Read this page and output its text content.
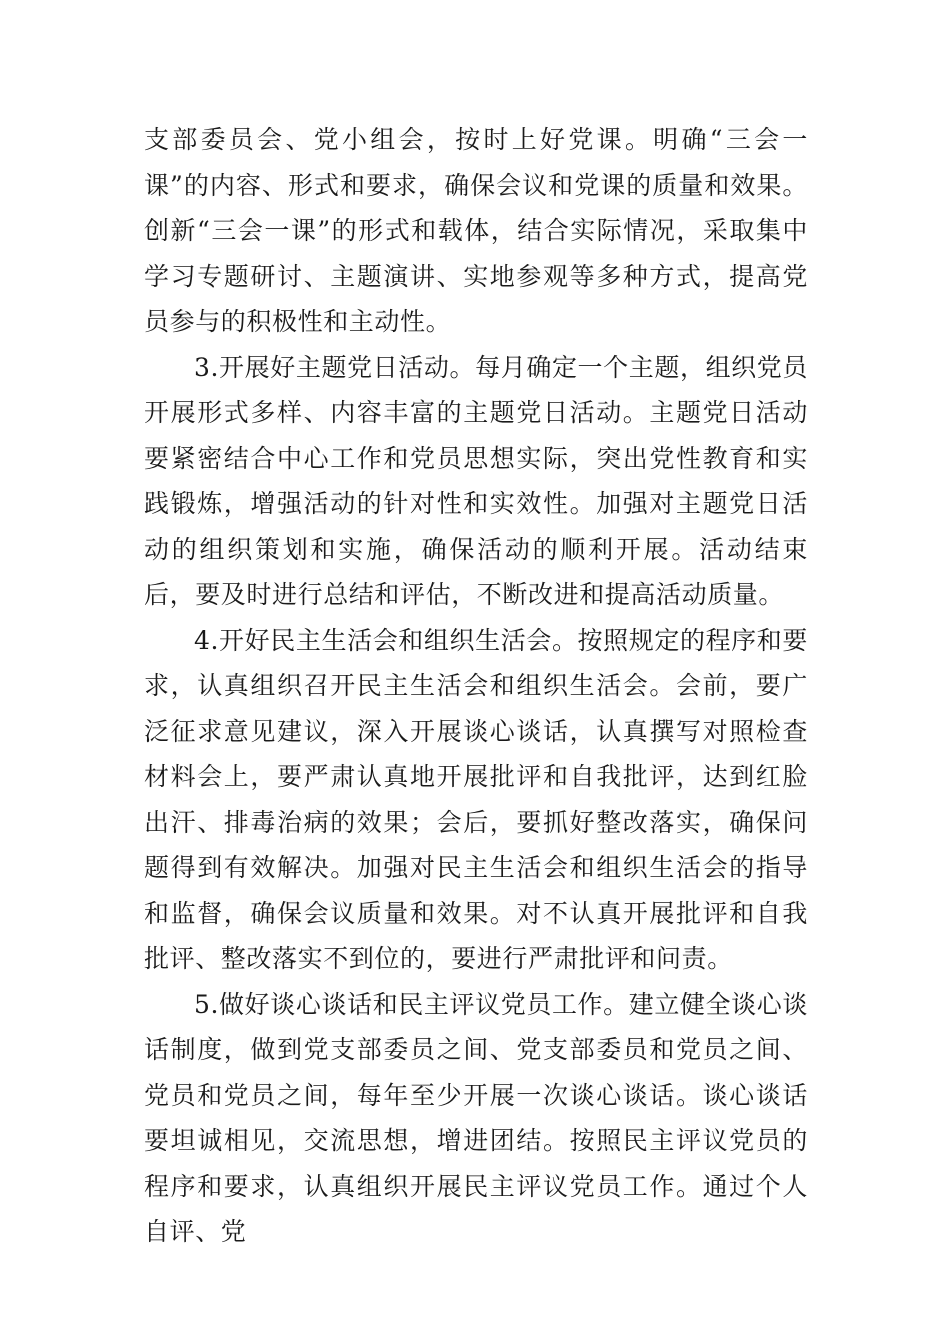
支部委员会、党小组会，按时上好党课。明确“三会一课”的内容、形式和要求，确保会议和党课的质量和效果。创新“三会一课”的形式和载体，结合实际情况，采取集中学习专题研讨、主题演讲、实地参观等多种方式，提高党员参与的积极性和主动性。

3.开展好主题党日活动。每月确定一个主题，组织党员开展形式多样、内容丰富的主题党日活动。主题党日活动要紧密结合中心工作和党员思想实际，突出党性教育和实践锻炼，增强活动的针对性和实效性。加强对主题党日活动的组织策划和实施，确保活动的顺利开展。活动结束后，要及时进行总结和评估，不断改进和提高活动质量。

4.开好民主生活会和组织生活会。按照规定的程序和要求，认真组织召开民主生活会和组织生活会。会前，要广泛征求意见建议，深入开展谈心谈话，认真撰写对照检查材料会上，要严肃认真地开展批评和自我批评，达到红脸出汗、排毒治病的效果；会后，要抓好整改落实，确保问题得到有效解决。加强对民主生活会和组织生活会的指导和监督，确保会议质量和效果。对不认真开展批评和自我批评、整改落实不到位的，要进行严肃批评和问责。

5.做好谈心谈话和民主评议党员工作。建立健全谈心谈话制度，做到党支部委员之间、党支部委员和党员之间、党员和党员之间，每年至少开展一次谈心谈话。谈心谈话要坦诚相见，交流思想，增进团结。按照民主评议党员的程序和要求，认真组织开展民主评议党员工作。通过个人自评、党
